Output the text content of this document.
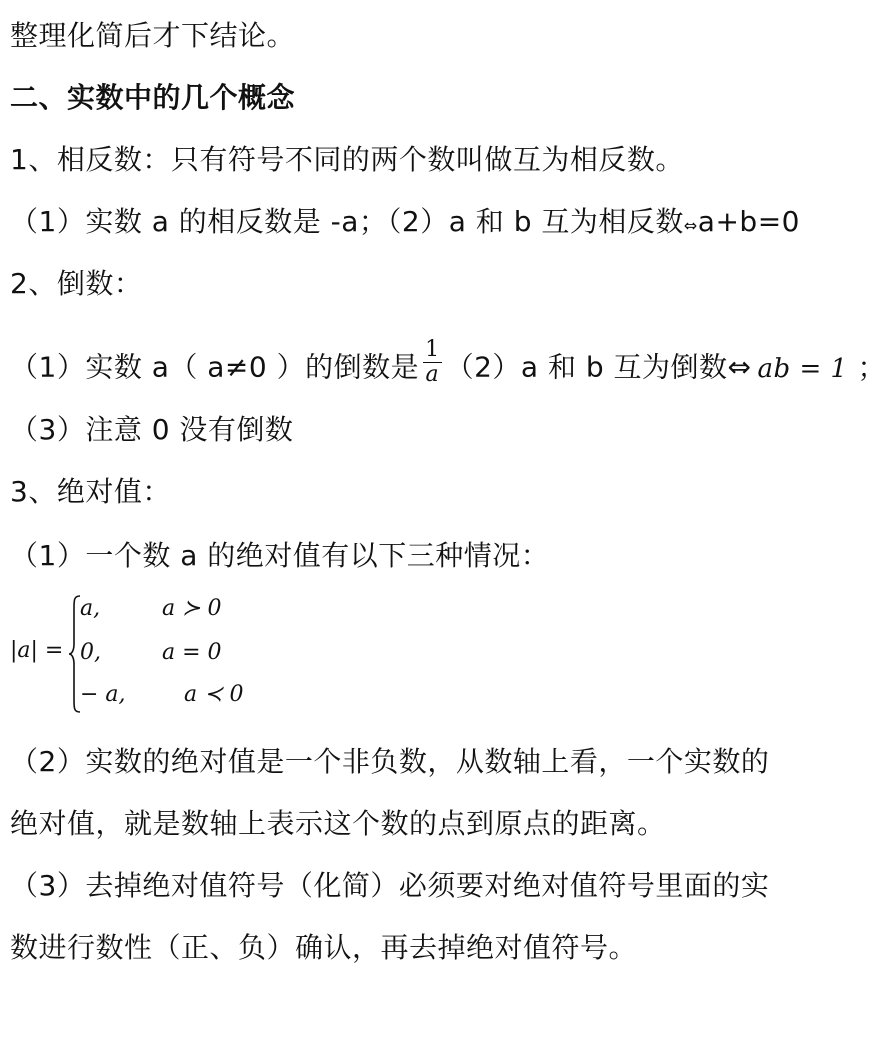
整理化简后才下结论。
二、实数中的几个概念
1、相反数：只有符号不同的两个数叫做互为相反数。
（1）实数 a 的相反数是 -a；（2）a 和 b 互为相反数⇔a+b=0
2、倒数：
（1）实数 a（ a≠0 ）的倒数是 $\frac{1}{a} (2)a$ 和 b 互为倒数⇔ ab = 1 ；
（3）注意 0 没有倒数
3、绝对值：
（1）一个数 a 的绝对值有以下三种情况：
|a| =
a,	a ≻ 0
0,	a = 0
− a,	a ≺ 0
（2）实数的绝对值是一个非负数，从数轴上看，一个实数的
绝对值，就是数轴上表示这个数的点到原点的距离。
（3）去掉绝对值符号（化简）必须要对绝对值符号里面的实
数进行数性（正、负）确认，再去掉绝对值符号。
